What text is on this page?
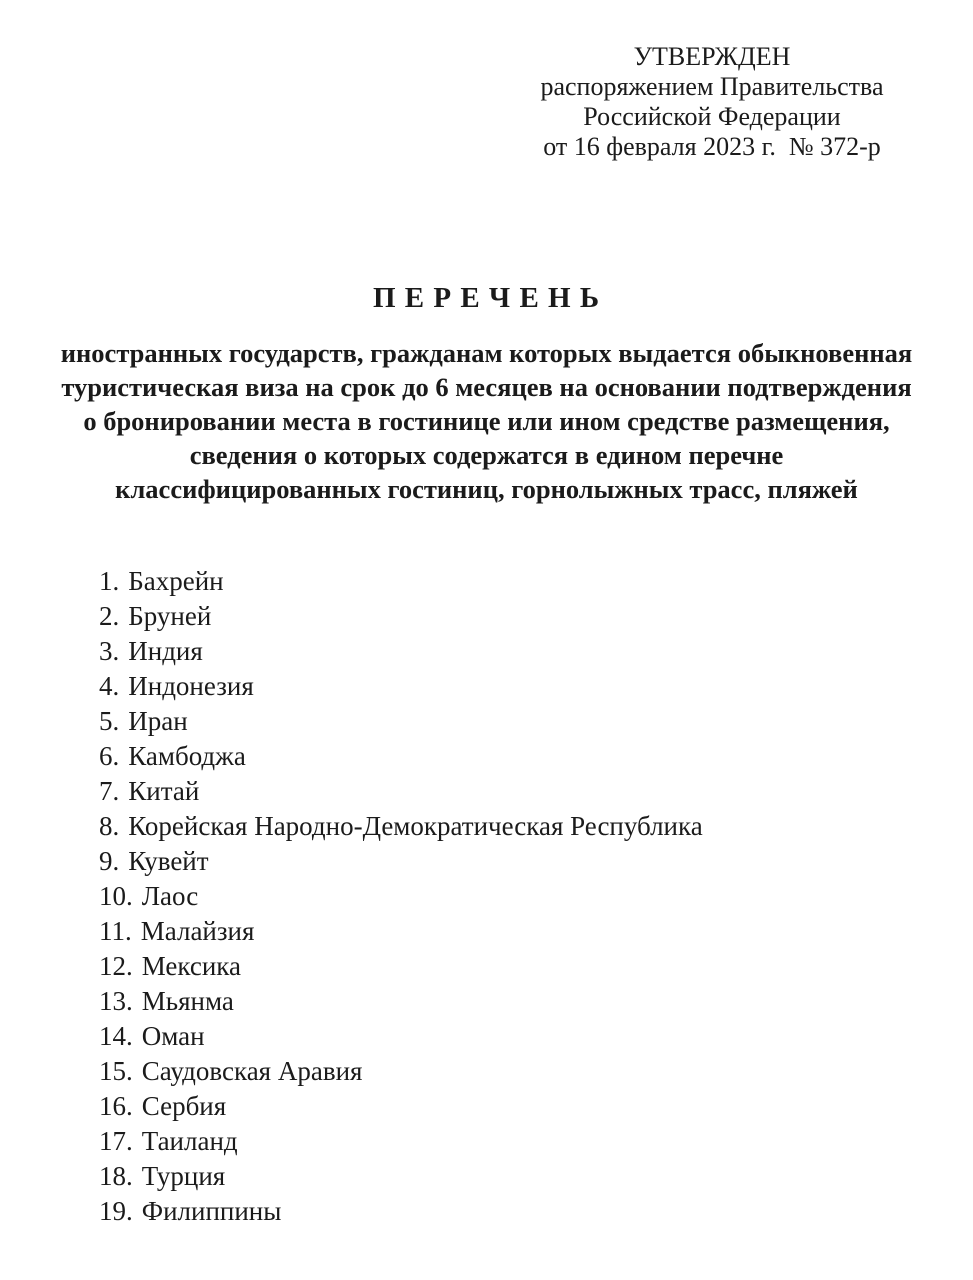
УТВЕРЖДЕН
распоряжением Правительства
Российской Федерации
от 16 февраля 2023 г.  № 372-р
П Е Р Е Ч Е Н Ь
иностранных государств, гражданам которых выдается обыкновенная
туристическая виза на срок до 6 месяцев на основании подтверждения
о бронировании места в гостинице или ином средстве размещения,
сведения о которых содержатся в едином перечне
классифицированных гостиниц, горнолыжных трасс, пляжей
1. Бахрейн
2. Бруней
3. Индия
4. Индонезия
5. Иран
6. Камбоджа
7. Китай
8. Корейская Народно-Демократическая Республика
9. Кувейт
10. Лаос
11. Малайзия
12. Мексика
13. Мьянма
14. Оман
15. Саудовская Аравия
16. Сербия
17. Таиланд
18. Турция
19. Филиппины
